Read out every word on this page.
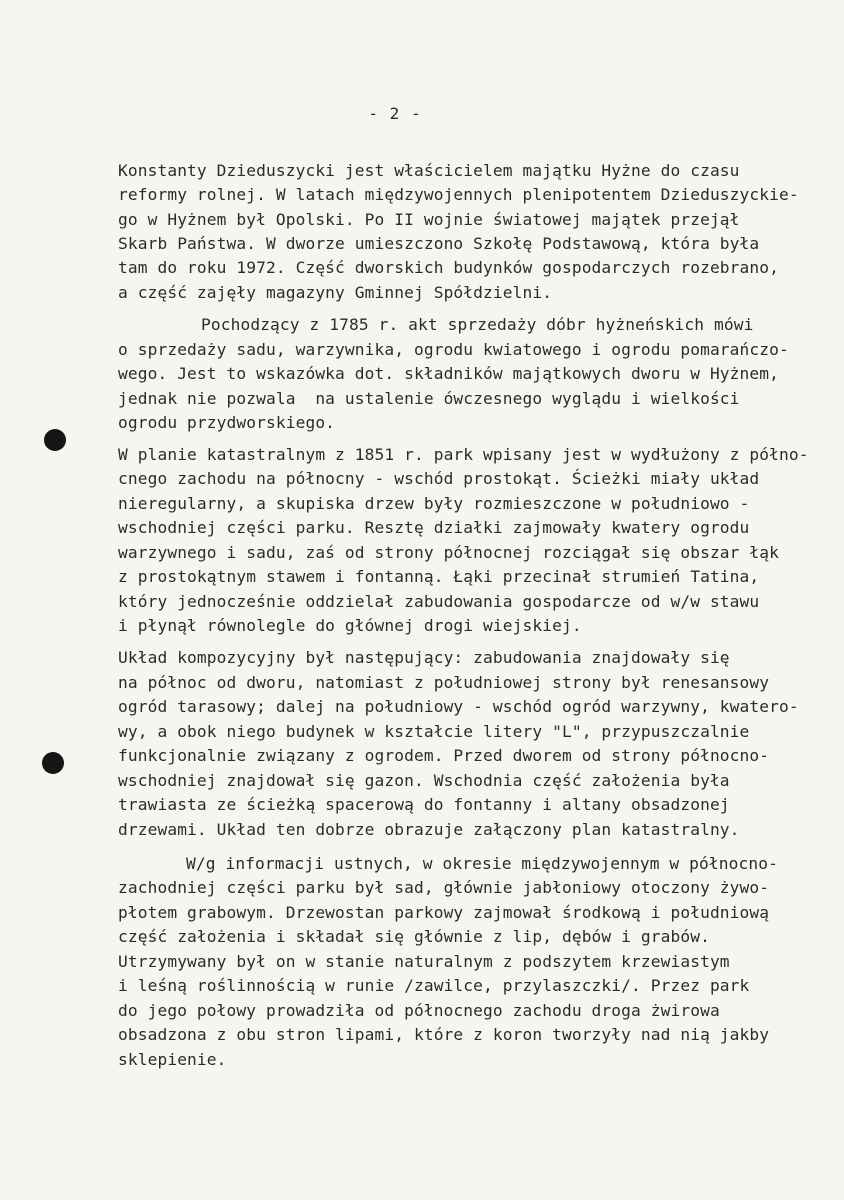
- 2 -
Konstanty Dzieduszycki jest właścicielem majątku Hyżne do czasu
reformy rolnej. W latach międzywojennych plenipotentem Dzieduszyckie-
go w Hyżnem był Opolski. Po II wojnie światowej majątek przejął
Skarb Państwa. W dworze umieszczono Szkołę Podstawową, która była
tam do roku 1972. Część dworskich budynków gospodarczych rozebrano,
a część zajęły magazyny Gminnej Spółdzielni.
Pochodzący z 1785 r. akt sprzedaży dóbr hyżneńskich mówi
o sprzedaży sadu, warzywnika, ogrodu kwiatowego i ogrodu pomarańczo-
wego. Jest to wskazówka dot. składników majątkowych dworu w Hyżnem,
jednak nie pozwala  na ustalenie ówczesnego wyglądu i wielkości
ogrodu przydworskiego.
W planie katastralnym z 1851 r. park wpisany jest w wydłużony z półno-
cnego zachodu na północny - wschód prostokąt. Ścieżki miały układ
nieregularny, a skupiska drzew były rozmieszczone w południowo -
wschodniej części parku. Resztę działki zajmowały kwatery ogrodu
warzywnego i sadu, zaś od strony północnej rozciągał się obszar łąk
z prostokątnym stawem i fontanną. Łąki przecinał strumień Tatina,
który jednocześnie oddzielał zabudowania gospodarcze od w/w stawu
i płynął równolegle do głównej drogi wiejskiej.
Układ kompozycyjny był następujący: zabudowania znajdowały się
na północ od dworu, natomiast z południowej strony był renesansowy
ogród tarasowy; dalej na południowy - wschód ogród warzywny, kwatero-
wy, a obok niego budynek w kształcie litery "L", przypuszczalnie
funkcjonalnie związany z ogrodem. Przed dworem od strony północno-
wschodniej znajdował się gazon. Wschodnia część założenia była
trawiasta ze ścieżką spacerową do fontanny i altany obsadzonej
drzewami. Układ ten dobrze obrazuje załączony plan katastralny.
W/g informacji ustnych, w okresie międzywojennym w północno-
zachodniej części parku był sad, głównie jabłoniowy otoczony żywo-
płotem grabowym. Drzewostan parkowy zajmował środkową i południową
część założenia i składał się głównie z lip, dębów i grabów.
Utrzymywany był on w stanie naturalnym z podszytem krzewiastym
i leśną roślinnością w runie /zawilce, przylaszczki/. Przez park
do jego połowy prowadziła od północnego zachodu droga żwirowa
obsadzona z obu stron lipami, które z koron tworzyły nad nią jakby
sklepienie.
